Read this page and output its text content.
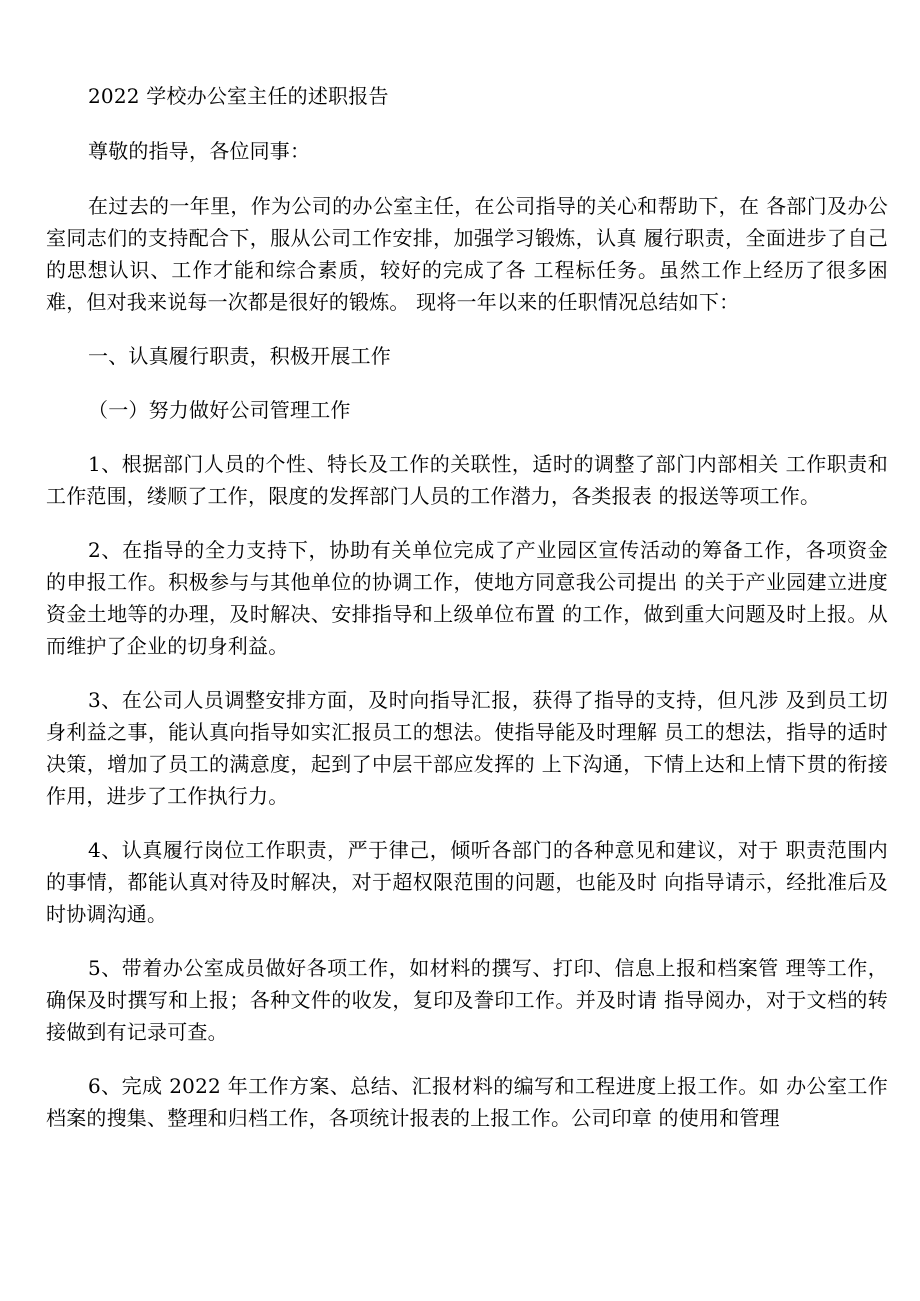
2022 学校办公室主任的述职报告

尊敬的指导，各位同事：

在过去的一年里，作为公司的办公室主任，在公司指导的关心和帮助下，在 各部门及办公室同志们的支持配合下，服从公司工作安排，加强学习锻炼，认真 履行职责，全面进步了自己的思想认识、工作才能和综合素质，较好的完成了各 工程标任务。虽然工作上经历了很多困难，但对我来说每一次都是很好的锻炼。 现将一年以来的任职情况总结如下：

一、认真履行职责，积极开展工作

（一）努力做好公司管理工作

1、根据部门人员的个性、特长及工作的关联性，适时的调整了部门内部相关 工作职责和工作范围，缕顺了工作，限度的发挥部门人员的工作潜力，各类报表 的报送等项工作。

2、在指导的全力支持下，协助有关单位完成了产业园区宣传活动的筹备工作，各项资金的申报工作。积极参与与其他单位的协调工作，使地方同意我公司提出 的关于产业园建立进度资金土地等的办理，及时解决、安排指导和上级单位布置 的工作，做到重大问题及时上报。从而维护了企业的切身利益。

3、在公司人员调整安排方面，及时向指导汇报，获得了指导的支持，但凡涉 及到员工切身利益之事，能认真向指导如实汇报员工的想法。使指导能及时理解 员工的想法，指导的适时决策，增加了员工的满意度，起到了中层干部应发挥的 上下沟通，下情上达和上情下贯的衔接作用，进步了工作执行力。

4、认真履行岗位工作职责，严于律己，倾听各部门的各种意见和建议，对于 职责范围内的事情，都能认真对待及时解决，对于超权限范围的问题，也能及时 向指导请示，经批准后及时协调沟通。

5、带着办公室成员做好各项工作，如材料的撰写、打印、信息上报和档案管 理等工作，确保及时撰写和上报；各种文件的收发，复印及誊印工作。并及时请 指导阅办，对于文档的转接做到有记录可查。

6、完成 2022 年工作方案、总结、汇报材料的编写和工程进度上报工作。如 办公室工作档案的搜集、整理和归档工作，各项统计报表的上报工作。公司印章 的使用和管理
